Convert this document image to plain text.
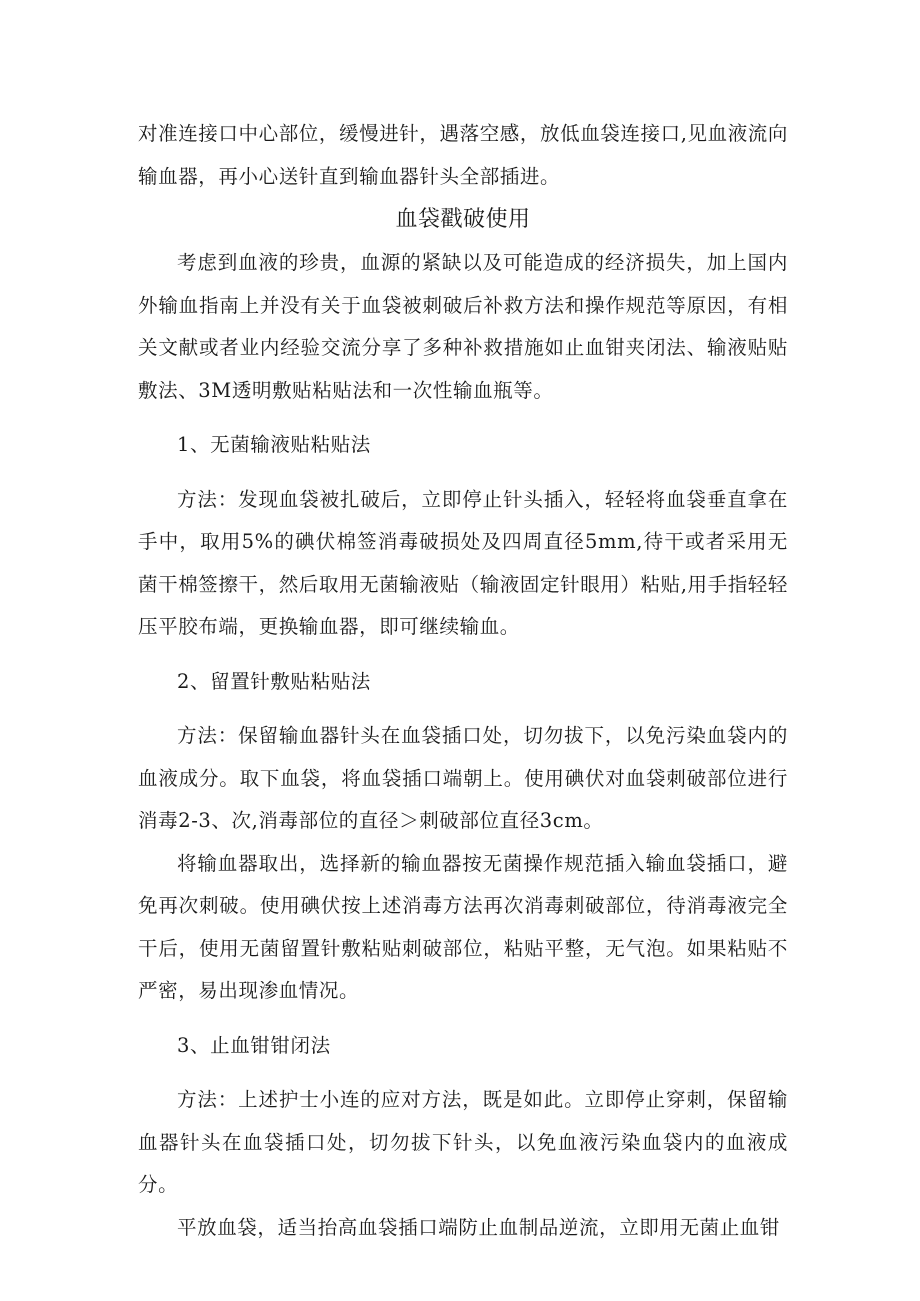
对准连接口中心部位，缓慢进针，遇落空感，放低血袋连接口,见血液流向输血器，再小心送针直到输血器针头全部插进。

血袋戳破使用

考虑到血液的珍贵，血源的紧缺以及可能造成的经济损失，加上国内外输血指南上并没有关于血袋被刺破后补救方法和操作规范等原因，有相关文献或者业内经验交流分享了多种补救措施如止血钳夹闭法、输液贴贴敷法、3M透明敷贴粘贴法和一次性输血瓶等。

1、无菌输液贴粘贴法

方法：发现血袋被扎破后，立即停止针头插入，轻轻将血袋垂直拿在手中，取用5%的碘伏棉签消毒破损处及四周直径5mm,待干或者采用无菌干棉签擦干，然后取用无菌输液贴（输液固定针眼用）粘贴,用手指轻轻压平胶布端，更换输血器，即可继续输血。

2、留置针敷贴粘贴法

方法：保留输血器针头在血袋插口处，切勿拔下，以免污染血袋内的血液成分。取下血袋，将血袋插口端朝上。使用碘伏对血袋刺破部位进行消毒2-3、次,消毒部位的直径＞刺破部位直径3cm。

将输血器取出，选择新的输血器按无菌操作规范插入输血袋插口，避免再次刺破。使用碘伏按上述消毒方法再次消毒刺破部位，待消毒液完全干后，使用无菌留置针敷粘贴刺破部位，粘贴平整，无气泡。如果粘贴不严密，易出现渗血情况。

3、止血钳钳闭法

方法：上述护士小连的应对方法，既是如此。立即停止穿刺，保留输血器针头在血袋插口处，切勿拔下针头，以免血液污染血袋内的血液成分。

平放血袋，适当抬高血袋插口端防止血制品逆流，立即用无菌止血钳
